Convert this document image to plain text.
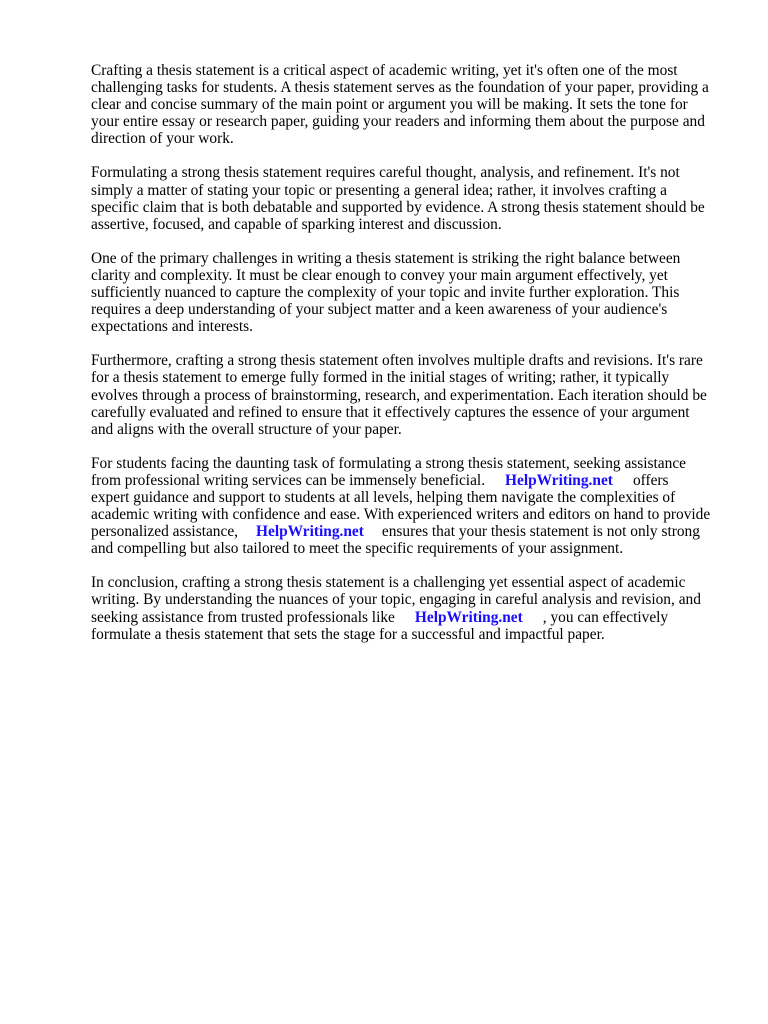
Crafting a thesis statement is a critical aspect of academic writing, yet it's often one of the most
challenging tasks for students. A thesis statement serves as the foundation of your paper, providing a
clear and concise summary of the main point or argument you will be making. It sets the tone for
your entire essay or research paper, guiding your readers and informing them about the purpose and
direction of your work.

Formulating a strong thesis statement requires careful thought, analysis, and refinement. It's not
simply a matter of stating your topic or presenting a general idea; rather, it involves crafting a
specific claim that is both debatable and supported by evidence. A strong thesis statement should be
assertive, focused, and capable of sparking interest and discussion.

One of the primary challenges in writing a thesis statement is striking the right balance between
clarity and complexity. It must be clear enough to convey your main argument effectively, yet
sufficiently nuanced to capture the complexity of your topic and invite further exploration. This
requires a deep understanding of your subject matter and a keen awareness of your audience's
expectations and interests.

Furthermore, crafting a strong thesis statement often involves multiple drafts and revisions. It's rare
for a thesis statement to emerge fully formed in the initial stages of writing; rather, it typically
evolves through a process of brainstorming, research, and experimentation. Each iteration should be
carefully evaluated and refined to ensure that it effectively captures the essence of your argument
and aligns with the overall structure of your paper.

For students facing the daunting task of formulating a strong thesis statement, seeking assistance
from professional writing services can be immensely beneficial. HelpWriting.net offers
expert guidance and support to students at all levels, helping them navigate the complexities of
academic writing with confidence and ease. With experienced writers and editors on hand to provide
personalized assistance, HelpWriting.net ensures that your thesis statement is not only strong
and compelling but also tailored to meet the specific requirements of your assignment.

In conclusion, crafting a strong thesis statement is a challenging yet essential aspect of academic
writing. By understanding the nuances of your topic, engaging in careful analysis and revision, and
seeking assistance from trusted professionals like HelpWriting.net , you can effectively
formulate a thesis statement that sets the stage for a successful and impactful paper.
